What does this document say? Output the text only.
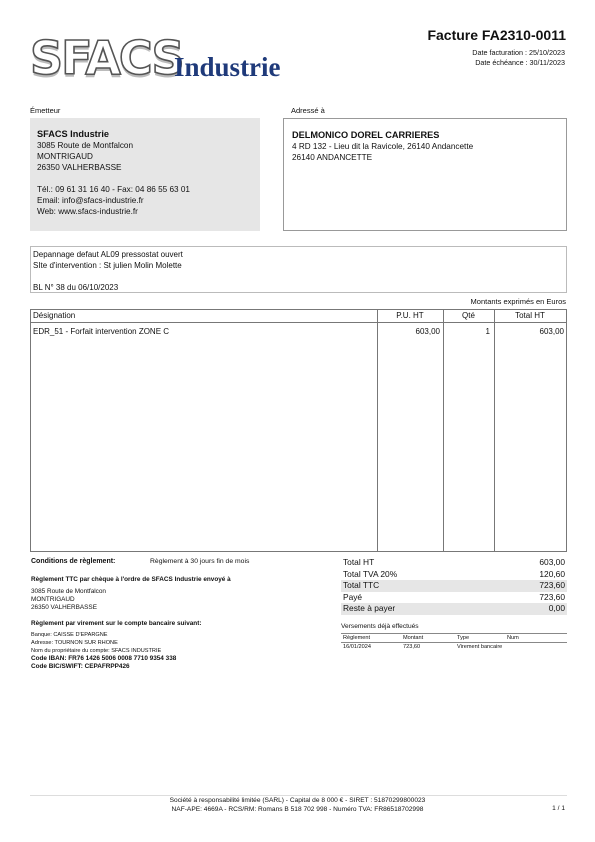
SFACS
Industrie
Facture FA2310-0011
Date facturation : 25/10/2023
Date échéance : 30/11/2023
Émetteur	Adressé à
SFACS Industrie
3085 Route de Montfalcon
MONTRIGAUD
26350 VALHERBASSE
Tél.: 09 61 31 16 40 - Fax: 04 86 55 63 01
Email: info@sfacs-industrie.fr
Web: www.sfacs-industrie.fr
DELMONICO DOREL CARRIERES
4 RD 132 - Lieu dit la Ravicole, 26140 Andancette
26140 ANDANCETTE
Depannage defaut AL09 pressostat ouvert
SIte d'intervention : St julien Molin Molette
BL N° 38 du 06/10/2023
Montants exprimés en Euros
Désignation	P.U. HT	Qté	Total HT
EDR_51 - Forfait intervention ZONE C	603,00	1	603,00
Conditions de règlement:	Règlement à 30 jours fin de mois
Règlement TTC par chèque à l'ordre de SFACS Industrie envoyé à
3085 Route de Montfalcon
MONTRIGAUD
26350 VALHERBASSE
Règlement par virement sur le compte bancaire suivant:
Banque: CAISSE D'EPARGNE
Adresse: TOURNON SUR RHONE
Nom du propriétaire du compte: SFACS INDUSTRIE
Code IBAN: FR76 1426 5006 0008 7710 9354 338
Code BIC/SWIFT: CEPAFRPP426
Total HT	603,00
Total TVA 20%	120,60
Total TTC	723,60
Payé	723,60
Reste à payer	0,00
Versements déjà effectués
Règlement	Montant	Type	Num
16/01/2024	723,60	Virement bancaire
Société à responsabilité limitée (SARL) - Capital de 8 000 € - SIRET : 51870299800023
NAF-APE: 4669A - RCS/RM: Romans B 518 702 998 - Numéro TVA: FR86518702998	1 / 1
